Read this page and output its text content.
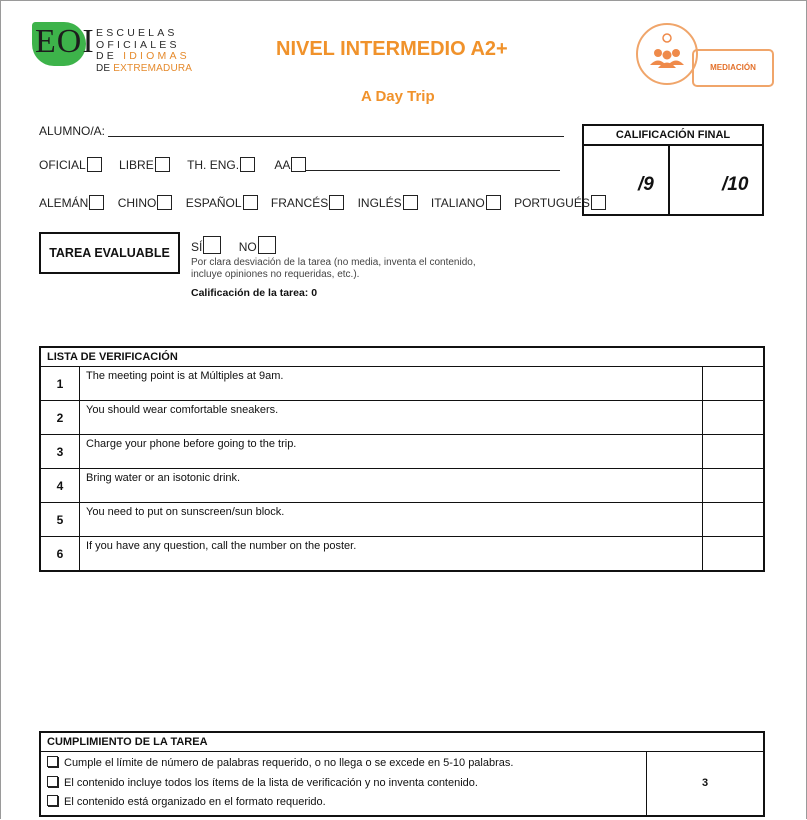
EOI ESCUELAS
OFICIALES
DE IDIOMAS
DE EXTREMADURA
NIVEL INTERMEDIO A2+
A Day Trip
MEDIACIÓN
ALUMNO/A:
OFICIAL	LIBRE	TH. ENG.	AA
ALEMÁN CHINO ESPAÑOL FRANCÉS INGLÉS ITALIANO PORTUGUÉS
CALIFICACIÓN FINAL
/9	/10
TAREA EVALUABLE	SÍ	NO
Por clara desviación de la tarea (no media, inventa el contenido,
incluye opiniones no requeridas, etc.).
Calificación de la tarea: 0
LISTA DE VERIFICACIÓN		
1	The meeting point is at Múltiples at 9am.	
2	You should wear comfortable sneakers.	
3	Charge your phone before going to the trip.	
4	Bring water or an isotonic drink.	
5	You need to put on sunscreen/sun block.	
6	If you have any question, call the number on the poster.	
CUMPLIMIENTO DE LA TAREA

Cumple el límite de número de palabras requerido, o no llega o se excede en 5-10 palabras.
El contenido incluye todos los ítems de la lista de verificación y no inventa contenido.
El contenido está organizado en el formato requerido.
	3
